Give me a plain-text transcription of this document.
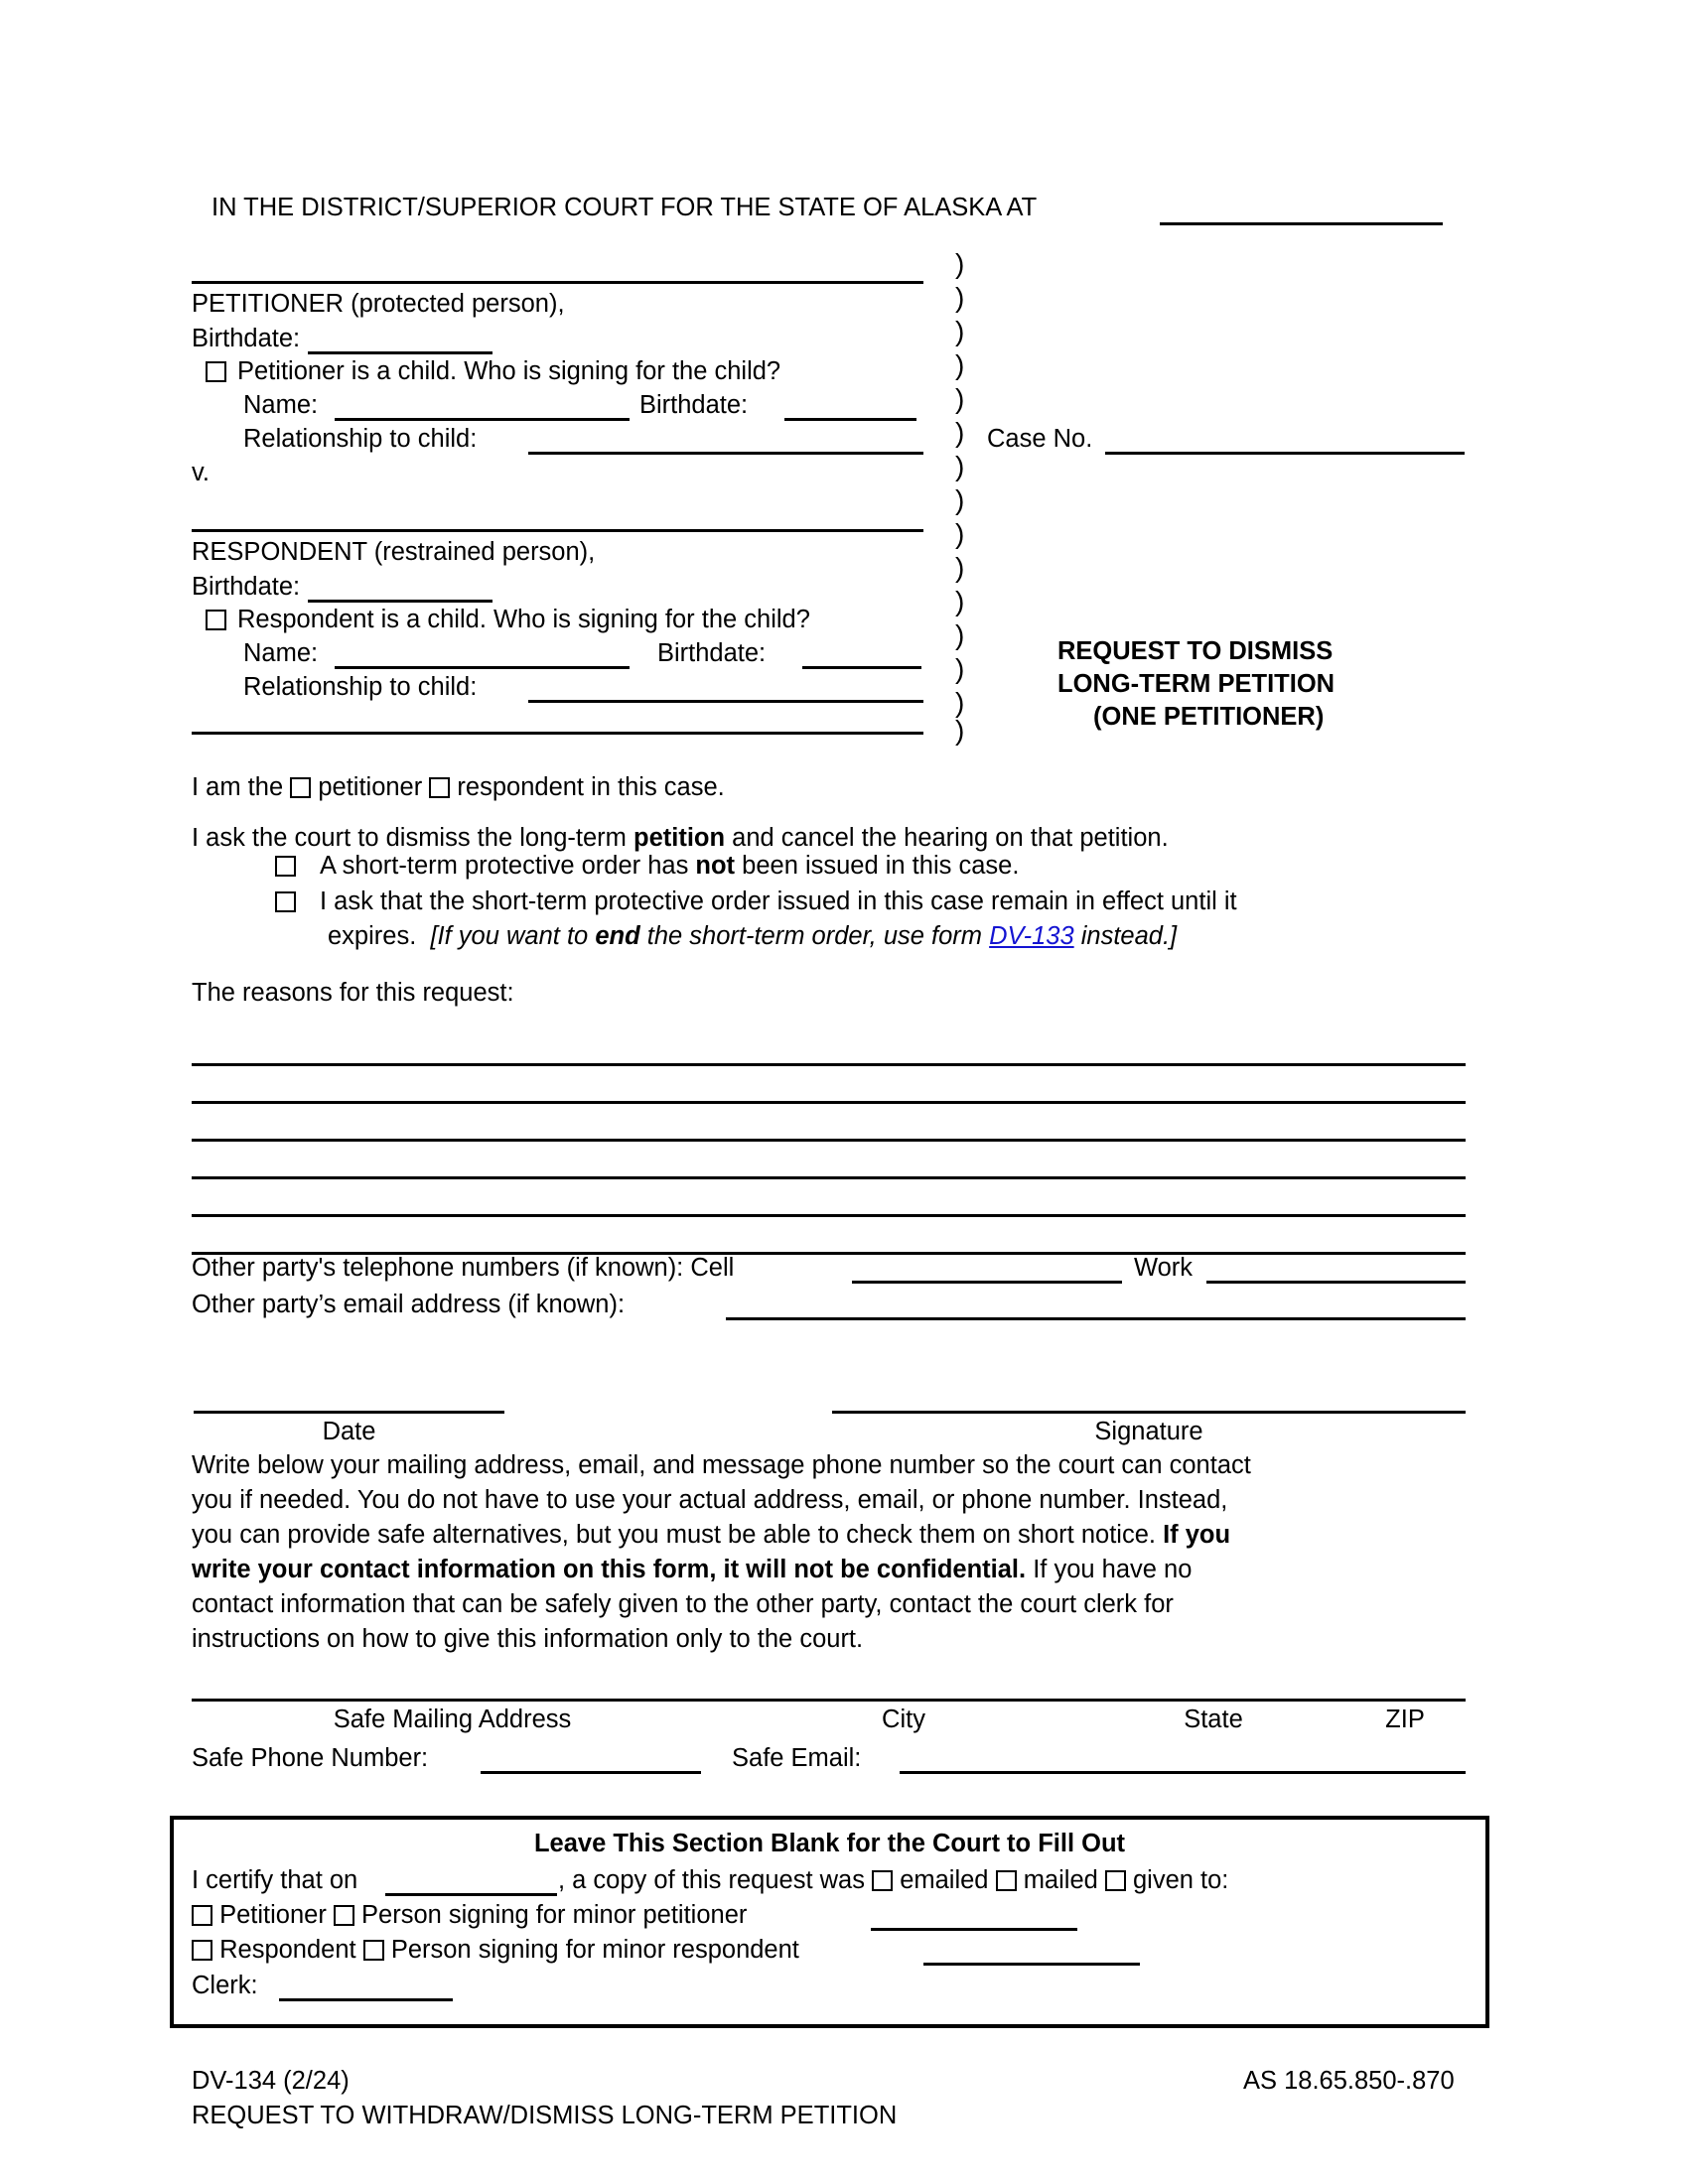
IN THE DISTRICT/SUPERIOR COURT FOR THE STATE OF ALASKA AT
)
)
)
)
)
)
)
)
)
)
)
)
)
)
)
PETITIONER (protected person),
Birthdate:
Petitioner is a child. Who is signing for the child?
Name:	Birthdate:
Relationship to child:
v.
Case No.
RESPONDENT (restrained person),
Birthdate:
Respondent is a child. Who is signing for the child?
Name:	Birthdate:
Relationship to child:
REQUEST TO DISMISS
LONG-TERM PETITION
(ONE PETITIONER)
I am the petitioner respondent in this case.
I ask the court to dismiss the long-term petition and cancel the hearing on that petition.
A short-term protective order has not been issued in this case.
I ask that the short-term protective order issued in this case remain in effect until it
expires. [If you want to end the short-term order, use form DV-133 instead.]
The reasons for this request:
Other party's telephone numbers (if known): Cell	Work
Other party’s email address (if known):
Date	Signature
Write below your mailing address, email, and message phone number so the court can contact
you if needed. You do not have to use your actual address, email, or phone number. Instead,
you can provide safe alternatives, but you must be able to check them on short notice. If you
write your contact information on this form, it will not be confidential. If you have no
contact information that can be safely given to the other party, contact the court clerk for
instructions on how to give this information only to the court.
Safe Mailing Address	City	State	ZIP
Safe Phone Number:	Safe Email:
Leave This Section Blank for the Court to Fill Out
I certify that on	, a copy of this request was emailed mailed given to:
Petitioner Person signing for minor petitioner
Respondent Person signing for minor respondent
Clerk:
DV-134 (2/24)	AS 18.65.850-.870
REQUEST TO WITHDRAW/DISMISS LONG-TERM PETITION
